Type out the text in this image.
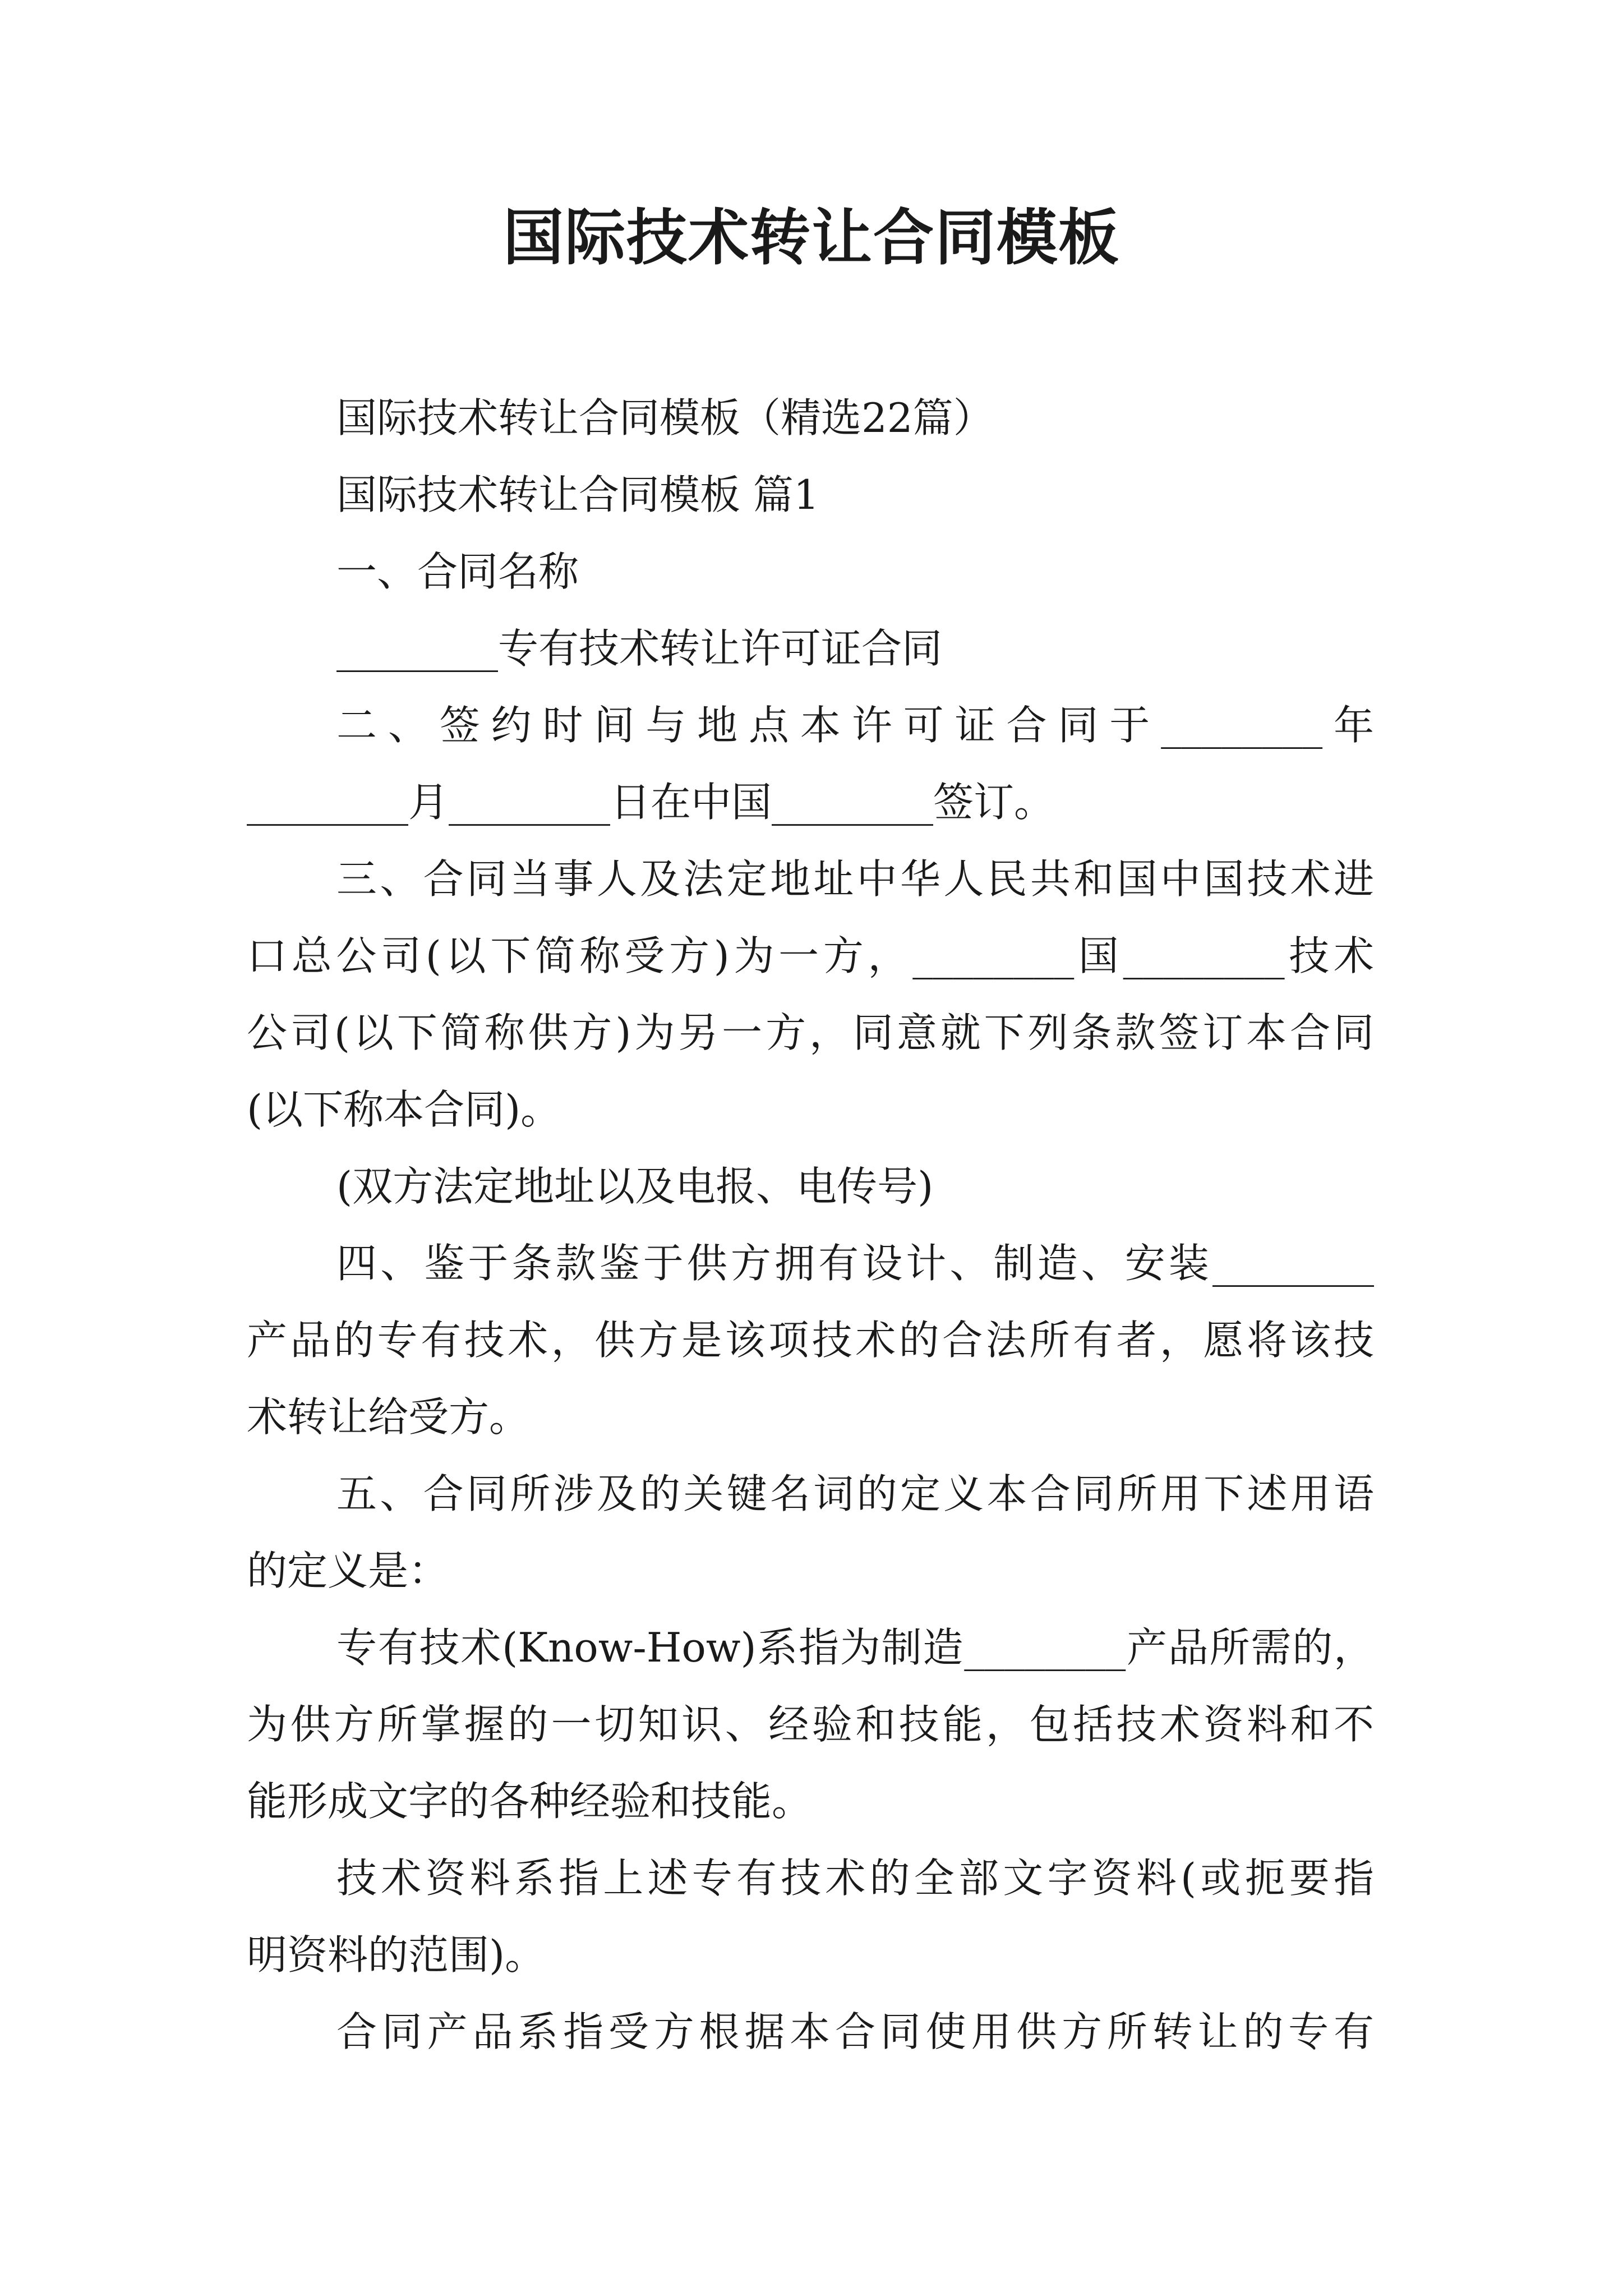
国际技术转让合同模板

国际技术转让合同模板（精选22篇）

国际技术转让合同模板 篇1

一、合同名称

________专有技术转让许可证合同

二、签约时间与地点本许可证合同于________年

________月________日在中国________签订。

三、合同当事人及法定地址中华人民共和国中国技术进

口总公司(以下简称受方)为一方，________国________技术

公司(以下简称供方)为另一方，同意就下列条款签订本合同

(以下称本合同)。

(双方法定地址以及电报、电传号)

四、鉴于条款鉴于供方拥有设计、制造、安装________

产品的专有技术，供方是该项技术的合法所有者，愿将该技

术转让给受方。

五、合同所涉及的关键名词的定义本合同所用下述用语

的定义是：

专有技术(Know-How)系指为制造________产品所需的，

为供方所掌握的一切知识、经验和技能，包括技术资料和不

能形成文字的各种经验和技能。

技术资料系指上述专有技术的全部文字资料(或扼要指

明资料的范围)。

合同产品系指受方根据本合同使用供方所转让的专有
